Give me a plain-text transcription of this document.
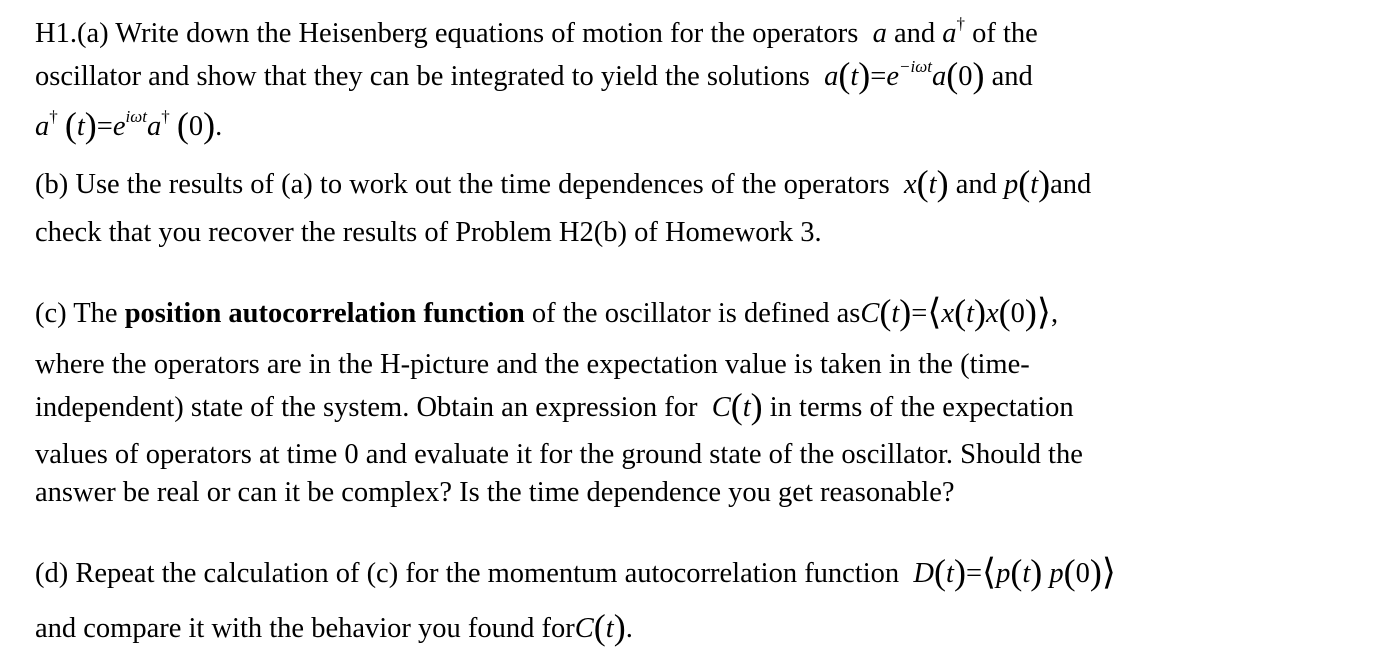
H1.(a) Write down the Heisenberg equations of motion for the operators a and a† of the
oscillator and show that they can be integrated to yield the solutions $a(t)=e^{-i\omega t}a(0)$ and
a† $(t)=e^{i\omega t}a^\dagger$ (0).
(b) Use the results of (a) to work out the time dependences of the operators x(t) and p(t)and
check that you recover the results of Problem H2(b) of Homework 3.
(c) The position autocorrelation function of the oscillator is defined asC(t)=⟨x(t)x(0)⟩,
where the operators are in the H-picture and the expectation value is taken in the (time-
independent) state of the system. Obtain an expression for C(t) in terms of the expectation
values of operators at time 0 and evaluate it for the ground state of the oscillator. Should the
answer be real or can it be complex? Is the time dependence you get reasonable?
(d) Repeat the calculation of (c) for the momentum autocorrelation function D(t)=⟨p(t) p(0)⟩
and compare it with the behavior you found forC(t).
